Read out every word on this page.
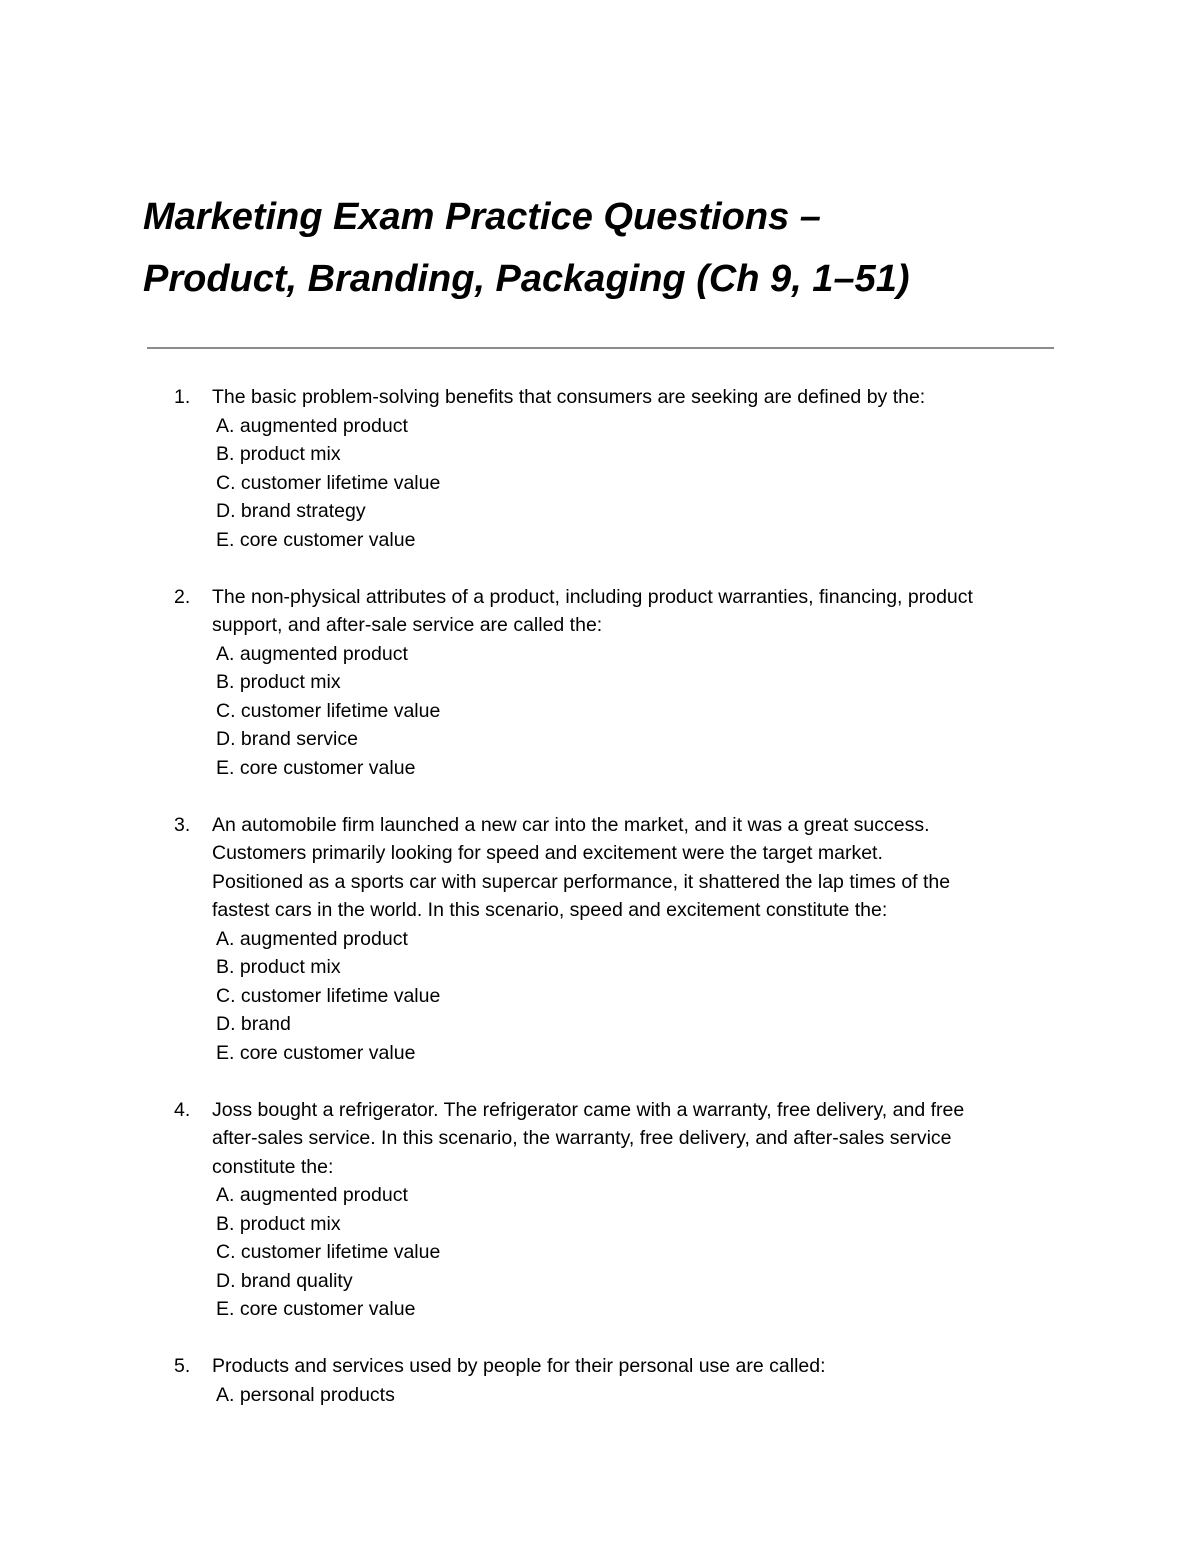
Marketing Exam Practice Questions –
Product, Branding, Packaging (Ch 9, 1–51)
1. The basic problem-solving benefits that consumers are seeking are defined by the:
A. augmented product
B. product mix
C. customer lifetime value
D. brand strategy
E. core customer value
2. The non-physical attributes of a product, including product warranties, financing, product
support, and after-sale service are called the:
A. augmented product
B. product mix
C. customer lifetime value
D. brand service
E. core customer value
3. An automobile firm launched a new car into the market, and it was a great success.
Customers primarily looking for speed and excitement were the target market.
Positioned as a sports car with supercar performance, it shattered the lap times of the
fastest cars in the world. In this scenario, speed and excitement constitute the:
A. augmented product
B. product mix
C. customer lifetime value
D. brand
E. core customer value
4. Joss bought a refrigerator. The refrigerator came with a warranty, free delivery, and free
after-sales service. In this scenario, the warranty, free delivery, and after-sales service
constitute the:
A. augmented product
B. product mix
C. customer lifetime value
D. brand quality
E. core customer value
5. Products and services used by people for their personal use are called:
A. personal products
